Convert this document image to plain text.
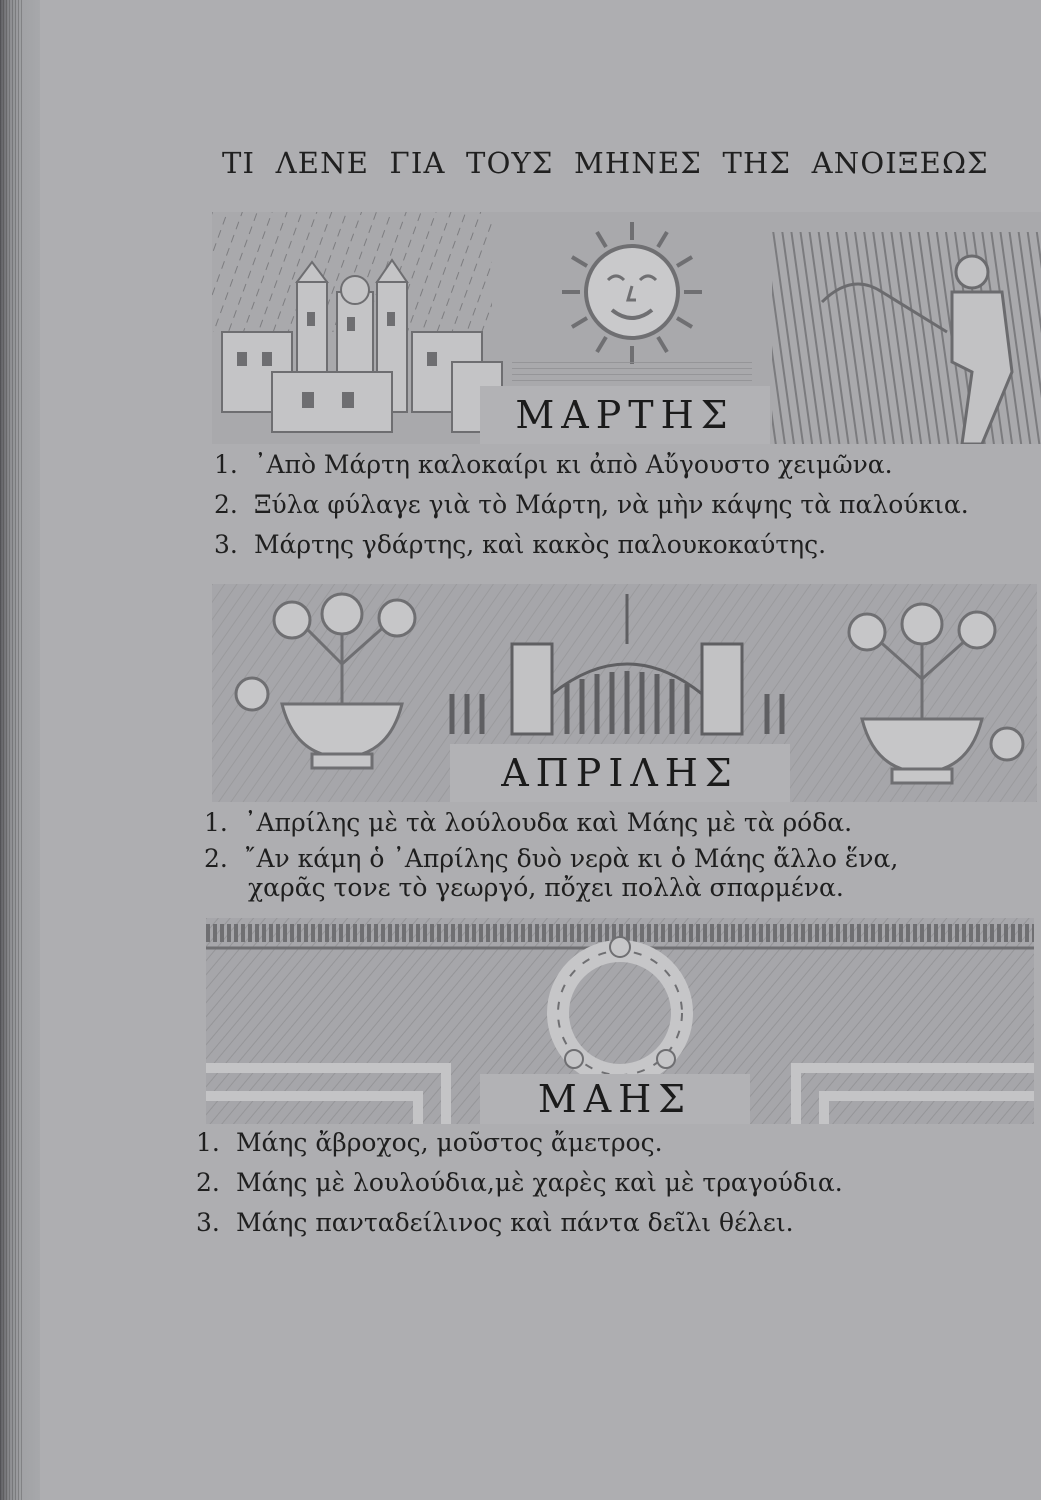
ΤΙ ΛΕΝΕ ΓΙΑ ΤΟΥΣ ΜΗΝΕΣ ΤΗΣ ΑΝΟΙΞΕΩΣ
ΜΑΡΤΗΣ
1. ᾿Απὸ Μάρτη καλοκαίρι κι ἀπὸ Αὔγουστο χειμῶνα.
2. Ξύλα φύλαγε γιὰ τὸ Μάρτη, νὰ μὴν κάψης τὰ παλούκια.
3. Μάρτης γδάρτης, καὶ κακὸς παλουκοκαύτης.
ΑΠΡΙΛΗΣ
1. ᾿Απρίλης μὲ τὰ λούλουδα καὶ Μάης μὲ τὰ ρόδα.
2. ῎Αν κάμη ὁ ᾿Απρίλης δυὸ νερὰ κι ὁ Μάης ἄλλο ἕνα,
χαρᾶς τονε τὸ γεωργό, πὄχει πολλὰ σπαρμένα.
ΜΑΗΣ
1. Μάης ἄβροχος, μοῦστος ἄμετρος.
2. Μάης μὲ λουλούδια,μὲ χαρὲς καὶ μὲ τραγούδια.
3. Μάης πανταδείλινος καὶ πάντα δεῖλι θέλει.
